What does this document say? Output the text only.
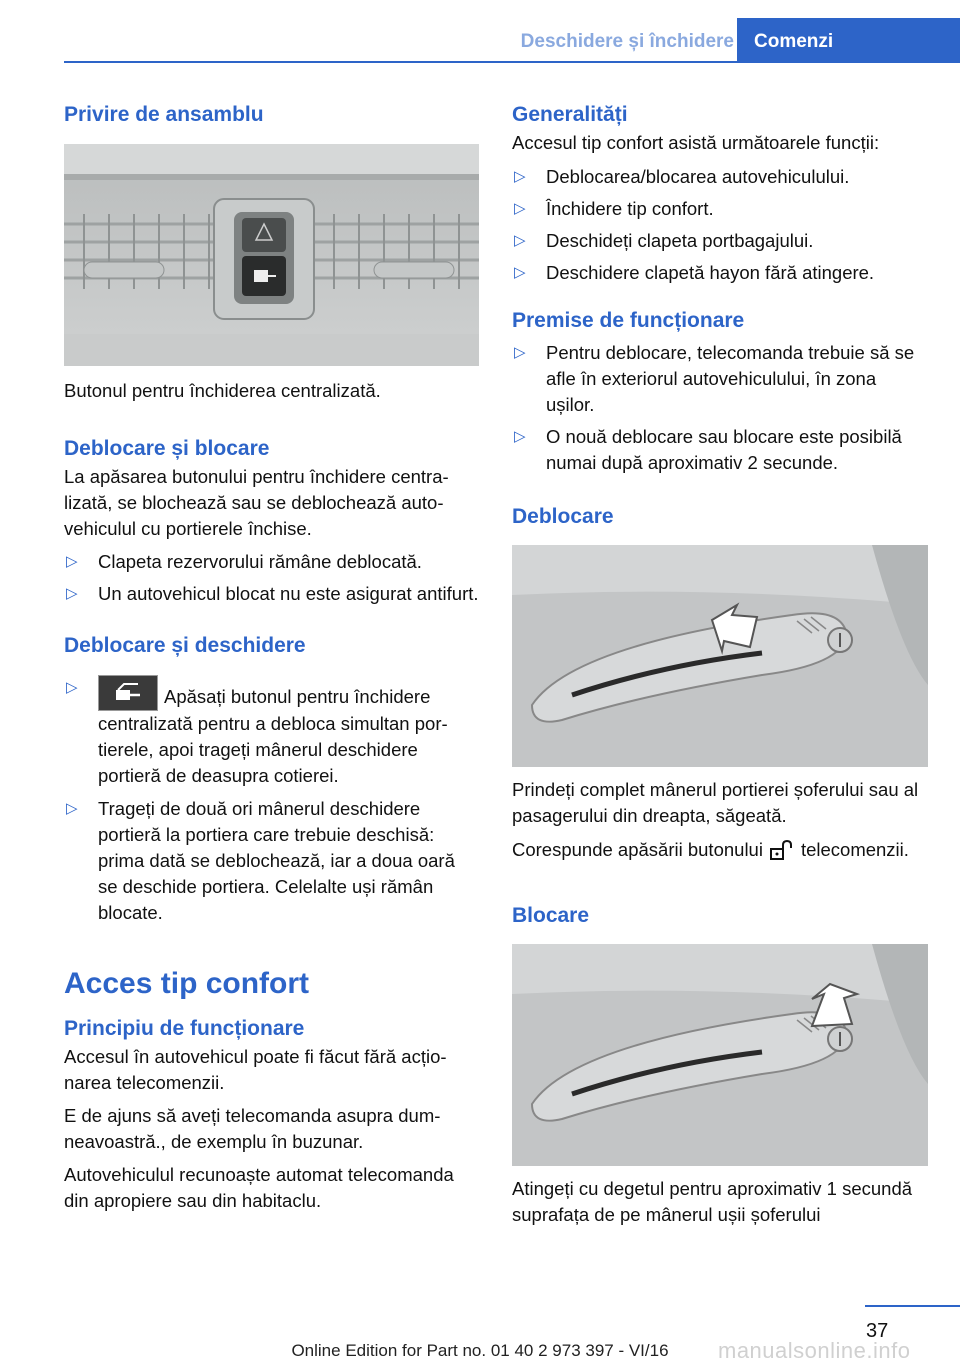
Deschidere și închidere	Comenzi
Privire de ansamblu

Butonul pentru închiderea centralizată.

Deblocare și blocare

La apăsarea butonului pentru închidere centralizată, se blochează sau se deblochează autovehiculul cu portierele închise.

▷ Clapeta rezervorului rămâne deblocată.
▷ Un autovehicul blocat nu este asigurat antifurt.
Deblocare și deschidere
▷	Apăsați butonul pentru închidere centralizată pentru a debloca simultan portierele, apoi trageți mânerul deschidere portieră de deasupra cotierei.
▷ Trageți de două ori mânerul deschidere portieră la portiera care trebuie deschisă: prima dată se deblochează, iar a doua oară se deschide portiera. Celelalte uși rămân blocate.
Acces tip confort
Principiu de funcționare

Accesul în autovehicul poate fi făcut fără acționarea telecomenzii.

E de ajuns să aveți telecomanda asupra dumneavoastră., de exemplu în buzunar.

Autovehiculul recunoaște automat telecomanda din apropiere sau din habitaclu.

Generalități

Accesul tip confort asistă următoarele funcții:

▷ Deblocarea/blocarea autovehiculului.
▷ Închidere tip confort.
▷ Deschideți clapeta portbagajului.
▷ Deschidere clapetă hayon fără atingere.
Premise de funcționare
▷ Pentru deblocare, telecomanda trebuie să se afle în exteriorul autovehiculului, în zona ușilor.
▷ O nouă deblocare sau blocare este posibilă numai după aproximativ 2 secunde.
Deblocare

Prindeți complet mânerul portierei șoferului sau al pasagerului din dreapta, săgeată.

Corespunde apăsării butonului telecomenzii.

Blocare

Atingeți cu degetul pentru aproximativ 1 secundă suprafața de pe mânerul ușii șoferului

37
manualsonline.info
Online Edition for Part no. 01 40 2 973 397 - VI/16
